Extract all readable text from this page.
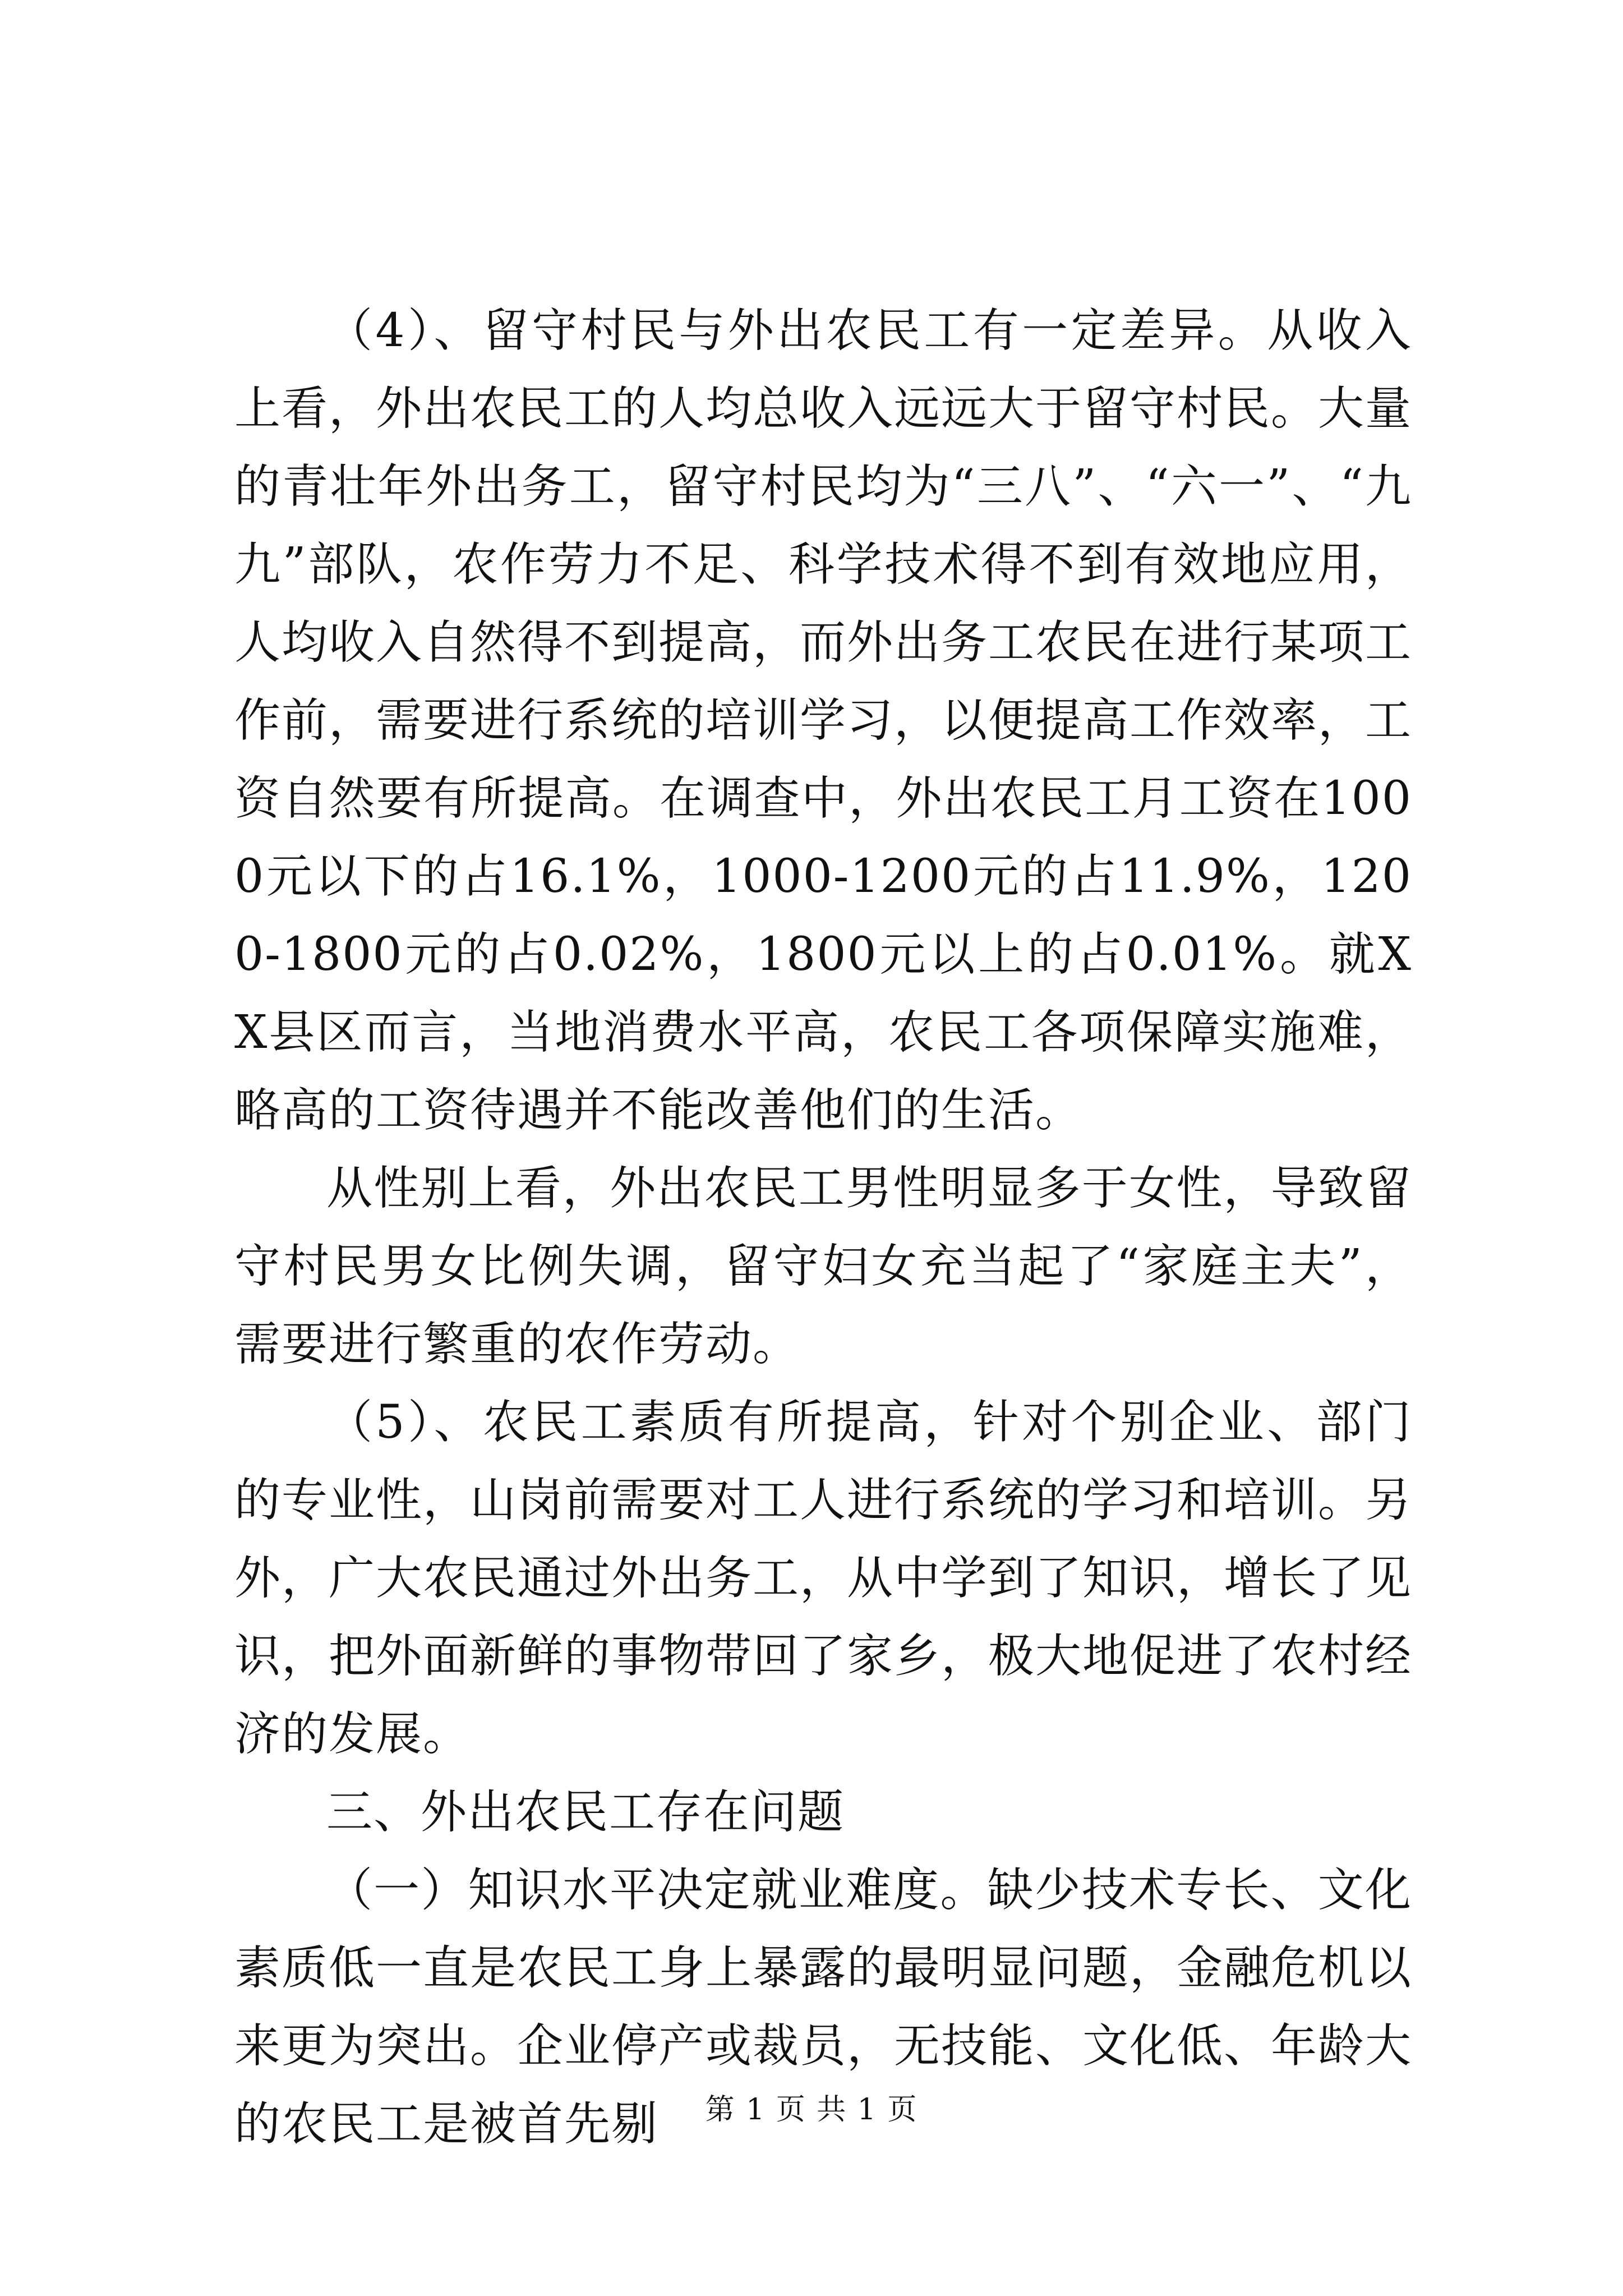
（4）、留守村民与外出农民工有一定差异。从收入上看，外出农民工的人均总收入远远大于留守村民。大量的青壮年外出务工，留守村民均为“三八”、“六一”、“九九”部队，农作劳力不足、科学技术得不到有效地应用，人均收入自然得不到提高，而外出务工农民在进行某项工作前，需要进行系统的培训学习，以便提高工作效率，工资自然要有所提高。在调查中，外出农民工月工资在1000元以下的占16.1%，1000-1200元的占11.9%，1200-1800元的占0.02%，1800元以上的占0.01%。就XX县区而言，当地消费水平高，农民工各项保障实施难，略高的工资待遇并不能改善他们的生活。

从性别上看，外出农民工男性明显多于女性，导致留守村民男女比例失调，留守妇女充当起了“家庭主夫”，需要进行繁重的农作劳动。

（5）、农民工素质有所提高，针对个别企业、部门的专业性，山岗前需要对工人进行系统的学习和培训。另外，广大农民通过外出务工，从中学到了知识，增长了见识，把外面新鲜的事物带回了家乡，极大地促进了农村经济的发展。

三、外出农民工存在问题

（一）知识水平决定就业难度。缺少技术专长、文化素质低一直是农民工身上暴露的最明显问题，金融危机以来更为突出。企业停产或裁员，无技能、文化低、年龄大的农民工是被首先剔	第 1 页 共 1 页
